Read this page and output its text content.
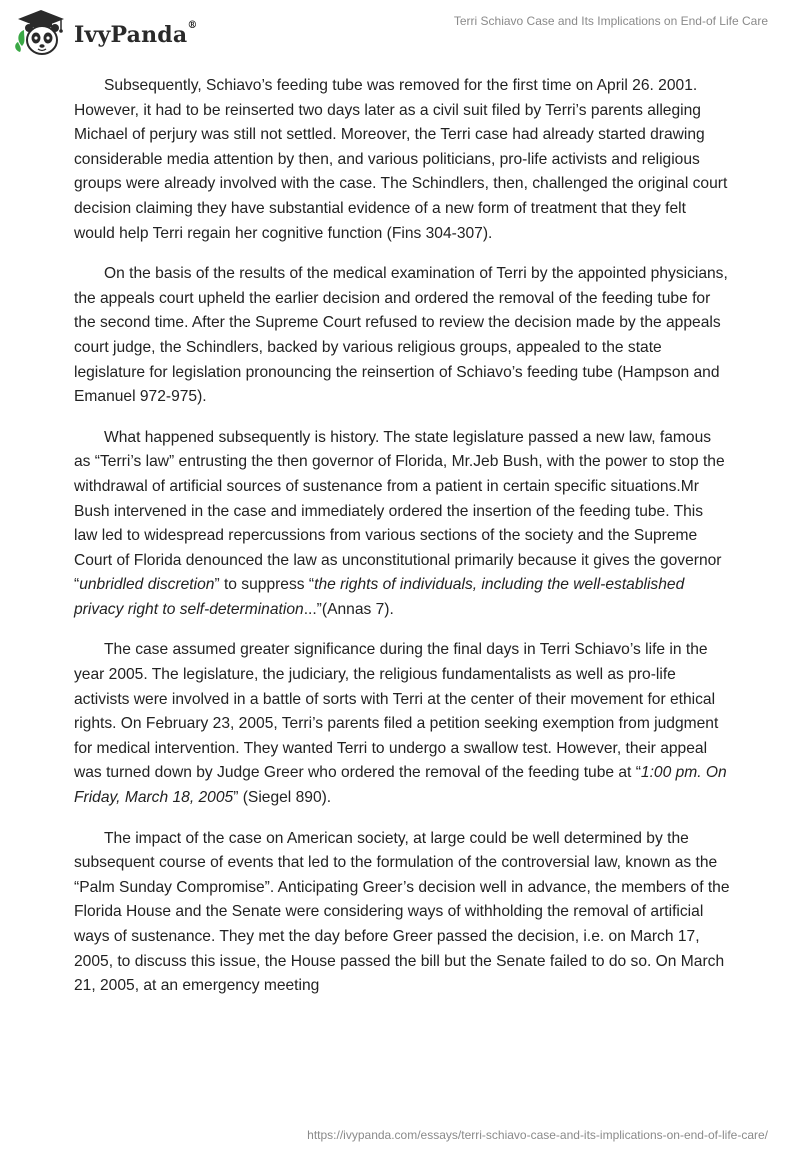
IvyPanda®	Terri Schiavo Case and Its Implications on End-of Life Care

Subsequently, Schiavo’s feeding tube was removed for the first time on April 26. 2001. However, it had to be reinserted two days later as a civil suit filed by Terri’s parents alleging Michael of perjury was still not settled. Moreover, the Terri case had already started drawing considerable media attention by then, and various politicians, pro-life activists and religious groups were already involved with the case. The Schindlers, then, challenged the original court decision claiming they have substantial evidence of a new form of treatment that they felt would help Terri regain her cognitive function (Fins 304-307).

On the basis of the results of the medical examination of Terri by the appointed physicians, the appeals court upheld the earlier decision and ordered the removal of the feeding tube for the second time. After the Supreme Court refused to review the decision made by the appeals court judge, the Schindlers, backed by various religious groups, appealed to the state legislature for legislation pronouncing the reinsertion of Schiavo’s feeding tube (Hampson and Emanuel 972-975).

What happened subsequently is history. The state legislature passed a new law, famous as “Terri’s law” entrusting the then governor of Florida, Mr.Jeb Bush, with the power to stop the withdrawal of artificial sources of sustenance from a patient in certain specific situations.Mr Bush intervened in the case and immediately ordered the insertion of the feeding tube. This law led to widespread repercussions from various sections of the society and the Supreme Court of Florida denounced the law as unconstitutional primarily because it gives the governor “unbridled discretion” to suppress “the rights of individuals, including the well-established privacy right to self-determination...”(Annas 7).

The case assumed greater significance during the final days in Terri Schiavo’s life in the year 2005. The legislature, the judiciary, the religious fundamentalists as well as pro-life activists were involved in a battle of sorts with Terri at the center of their movement for ethical rights. On February 23, 2005, Terri’s parents filed a petition seeking exemption from judgment for medical intervention. They wanted Terri to undergo a swallow test. However, their appeal was turned down by Judge Greer who ordered the removal of the feeding tube at “1:00 pm. On Friday, March 18, 2005” (Siegel 890).

The impact of the case on American society, at large could be well determined by the subsequent course of events that led to the formulation of the controversial law, known as the “Palm Sunday Compromise”. Anticipating Greer’s decision well in advance, the members of the Florida House and the Senate were considering ways of withholding the removal of artificial ways of sustenance. They met the day before Greer passed the decision, i.e. on March 17, 2005, to discuss this issue, the House passed the bill but the Senate failed to do so. On March 21, 2005, at an emergency meeting

https://ivypanda.com/essays/terri-schiavo-case-and-its-implications-on-end-of-life-care/
